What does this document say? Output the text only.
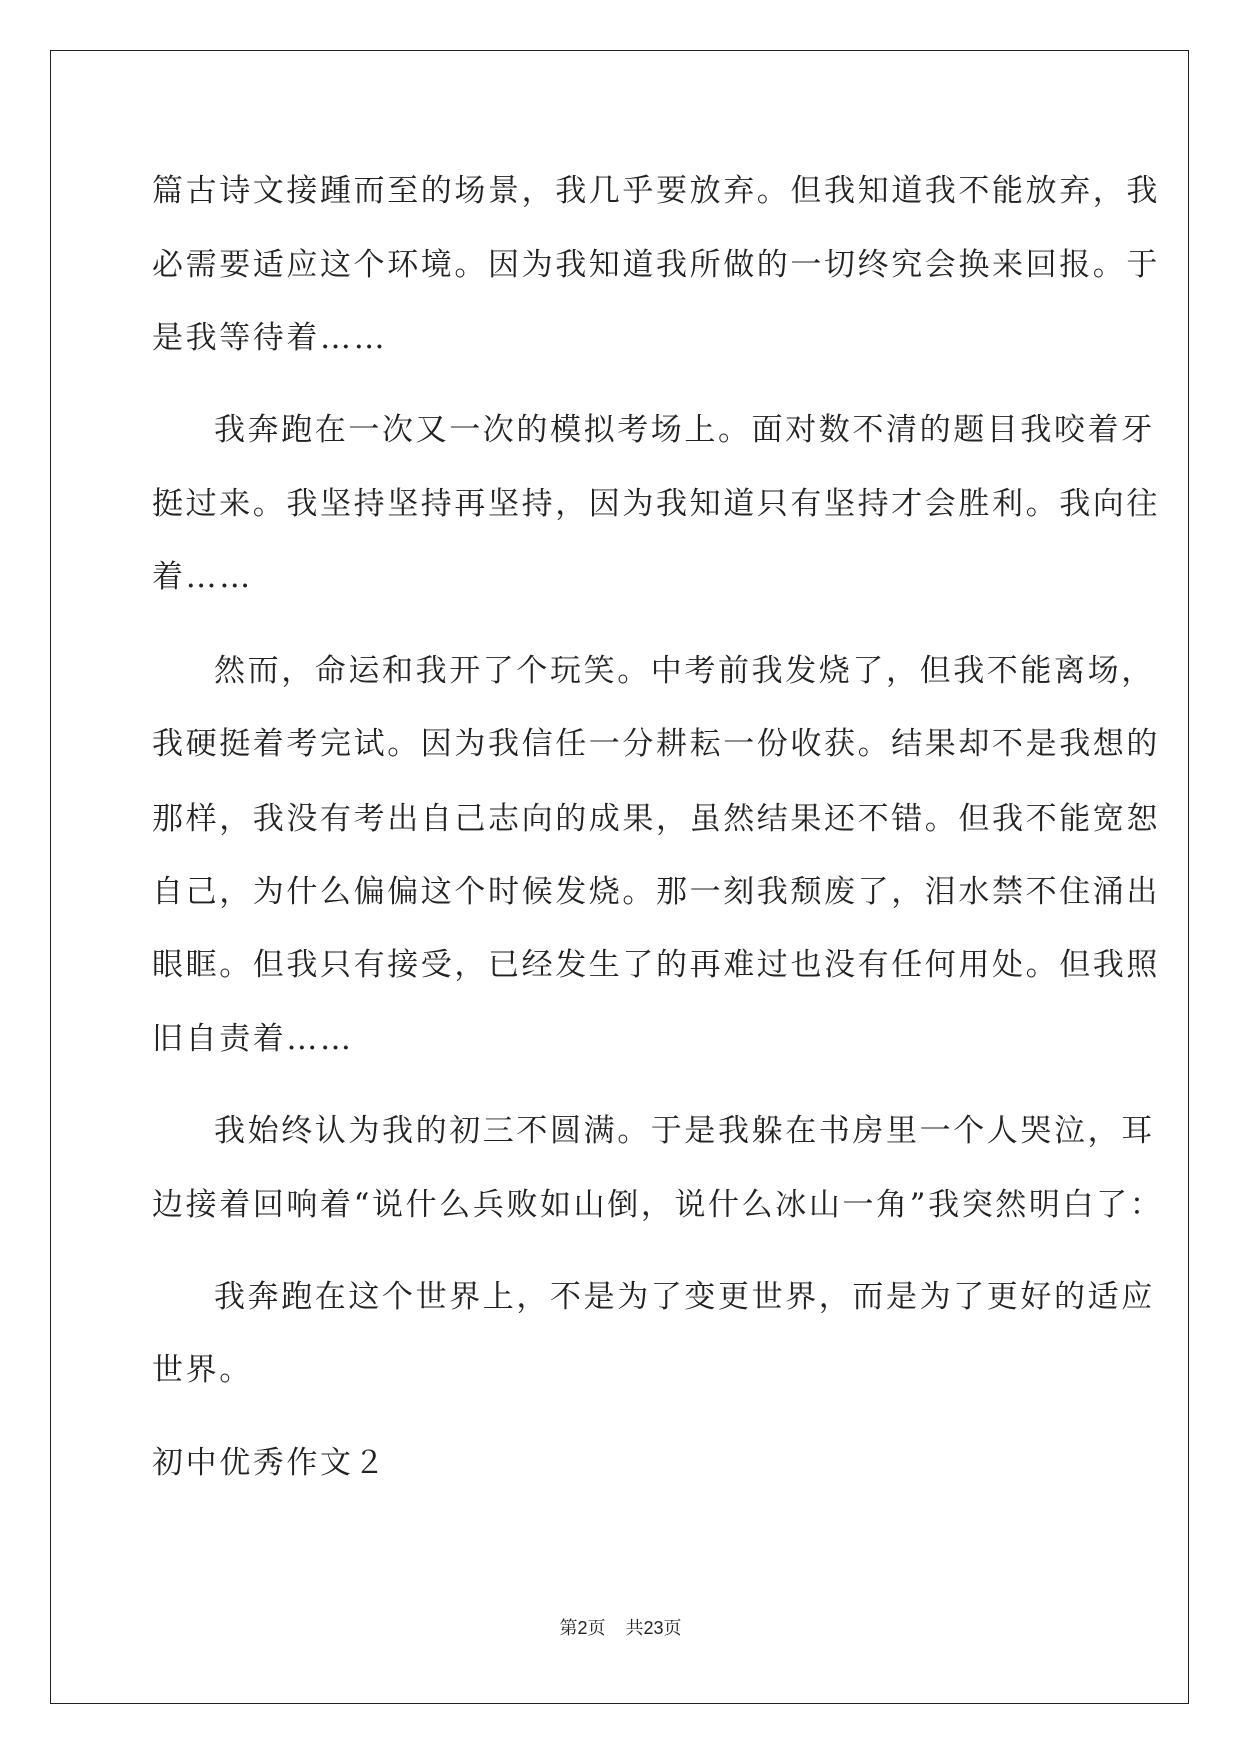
篇古诗文接踵而至的场景，我几乎要放弃。但我知道我不能放弃，我
必需要适应这个环境。因为我知道我所做的一切终究会换来回报。于
是我等待着……
我奔跑在一次又一次的模拟考场上。面对数不清的题目我咬着牙
挺过来。我坚持坚持再坚持，因为我知道只有坚持才会胜利。我向往
着……
然而，命运和我开了个玩笑。中考前我发烧了，但我不能离场，
我硬挺着考完试。因为我信任一分耕耘一份收获。结果却不是我想的
那样，我没有考出自己志向的成果，虽然结果还不错。但我不能宽恕
自己，为什么偏偏这个时候发烧。那一刻我颓废了，泪水禁不住涌出
眼眶。但我只有接受，已经发生了的再难过也没有任何用处。但我照
旧自责着……
我始终认为我的初三不圆满。于是我躲在书房里一个人哭泣，耳
边接着回响着“说什么兵败如山倒，说什么冰山一角”我突然明白了：
我奔跑在这个世界上，不是为了变更世界，而是为了更好的适应
世界。
初中优秀作文２
第2页 共23页
